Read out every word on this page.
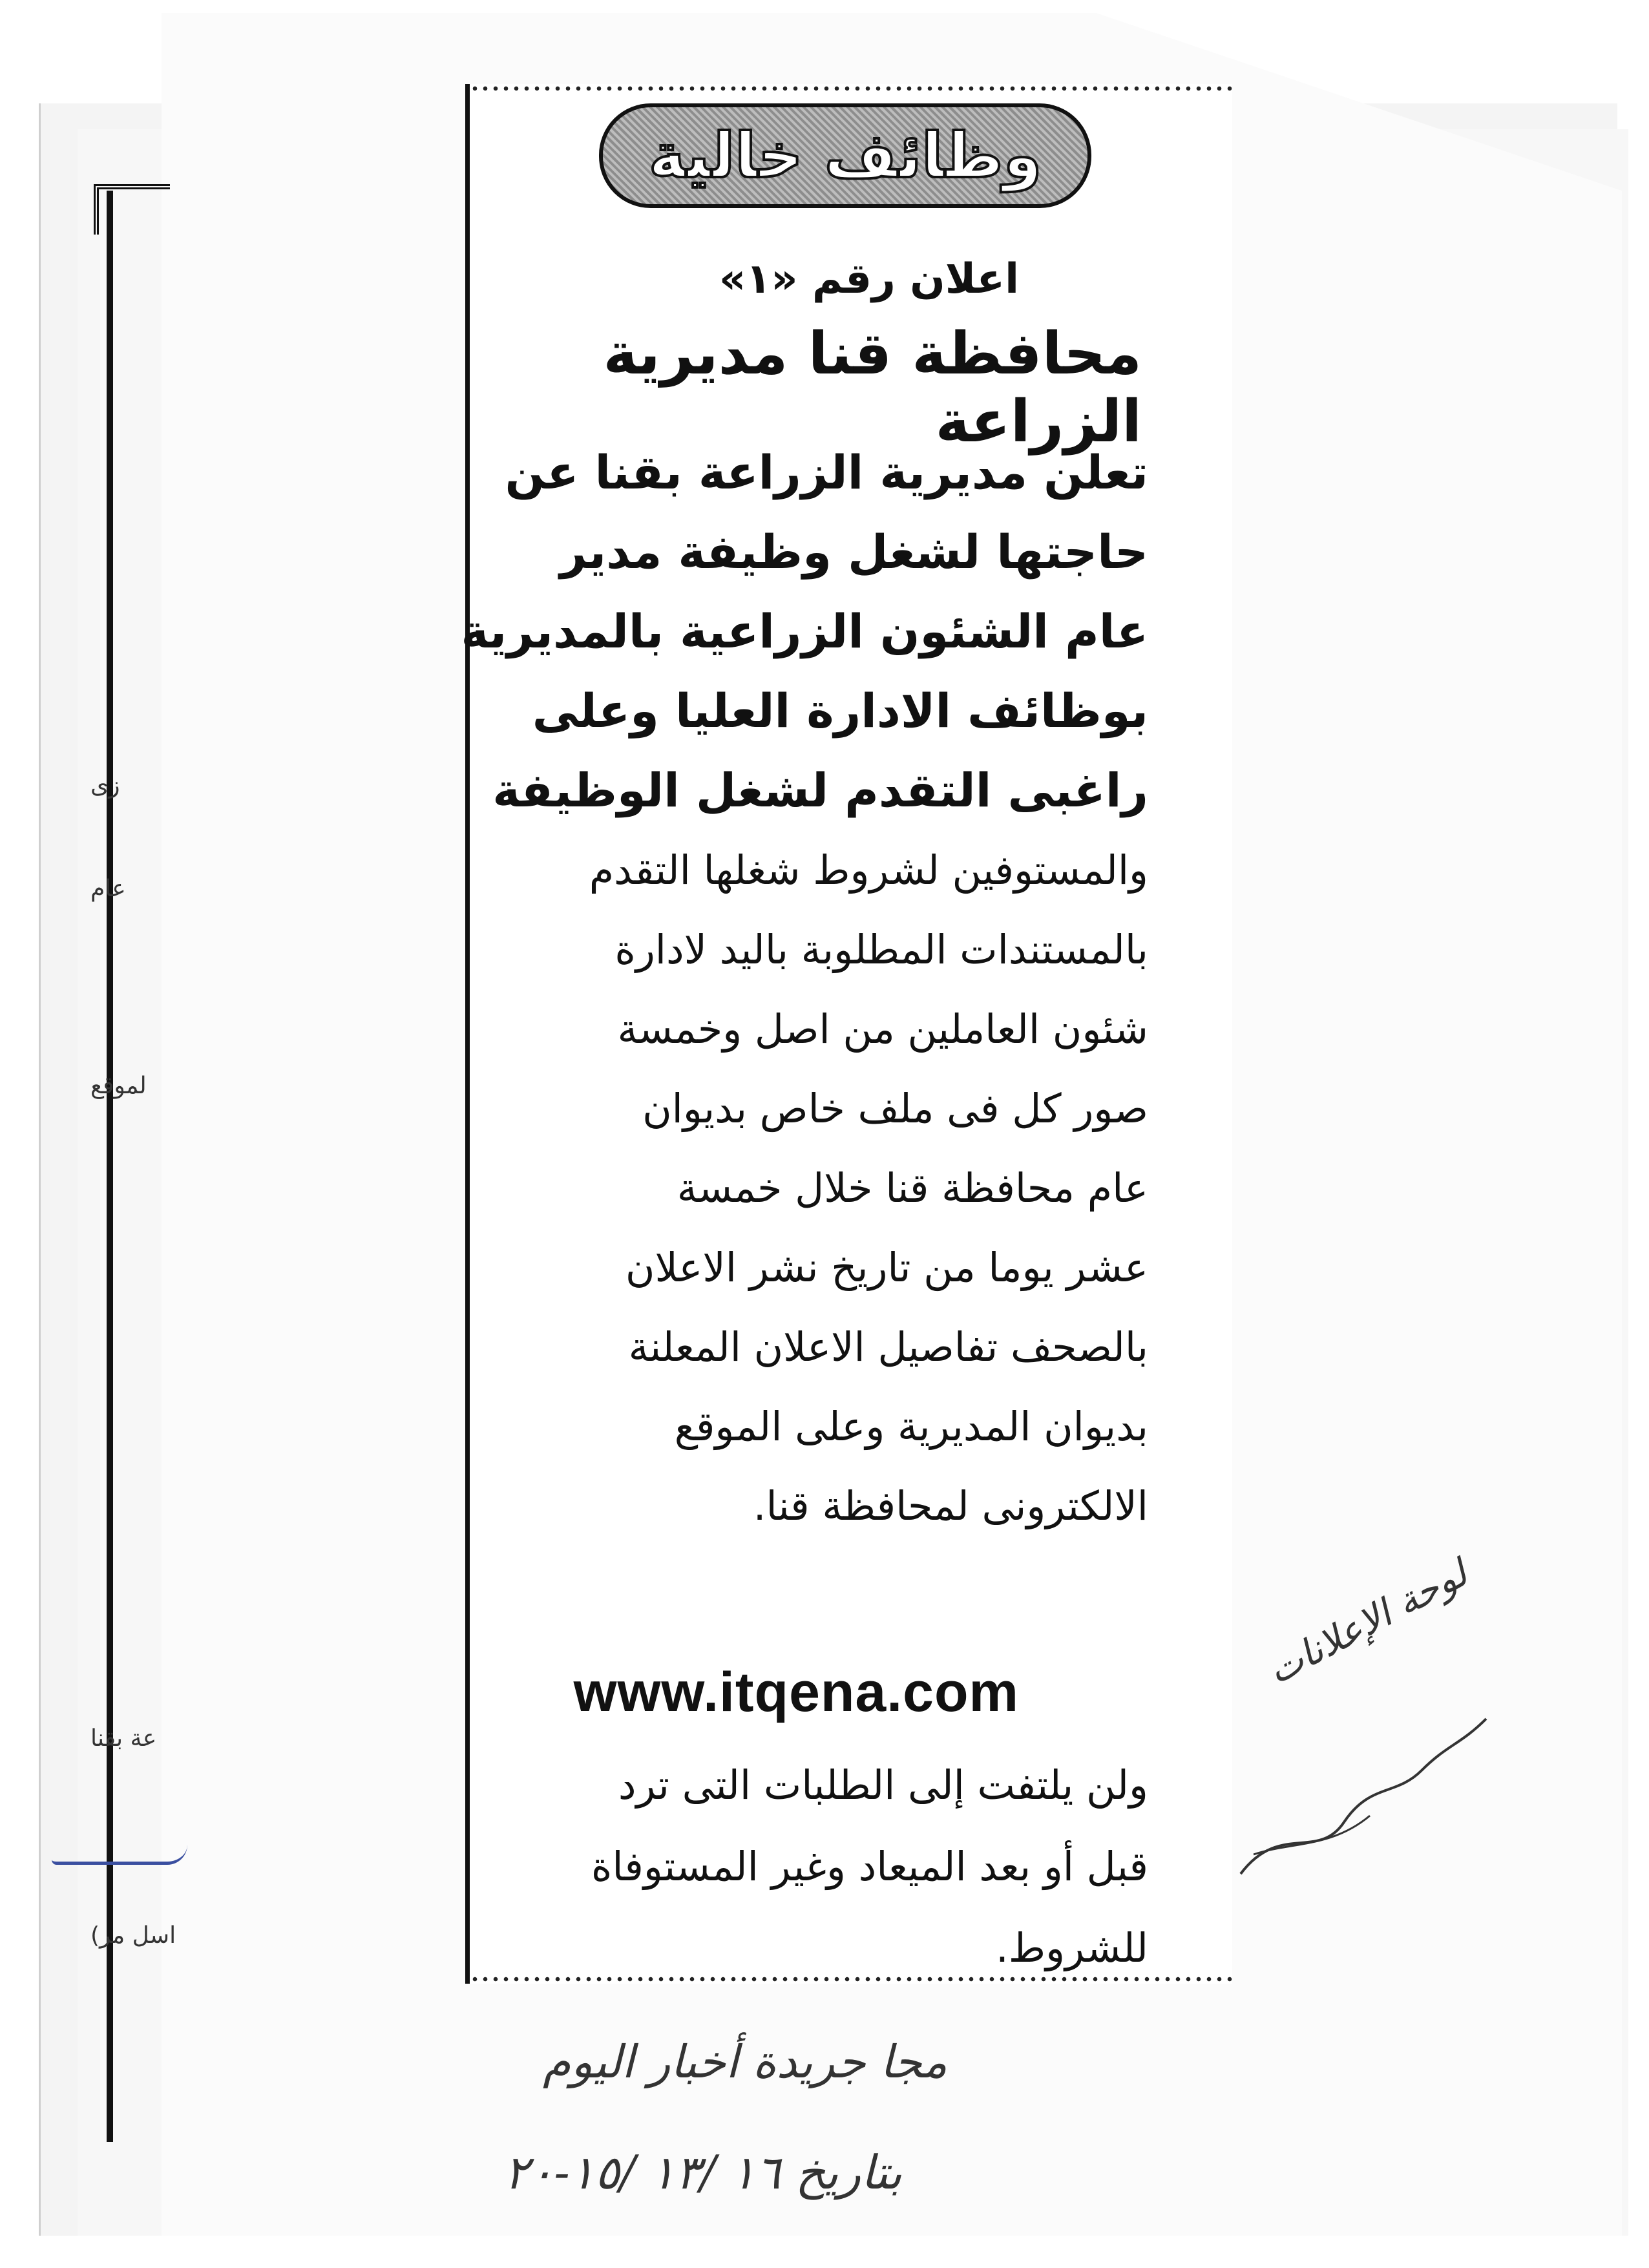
زى
عام
لموقع
عة بقنا
اسل مر)
وظائف خالية
اعلان رقم «١»
محافظة قنا مديرية الزراعة
تعلن مديرية الزراعة بقنا عن
حاجتها لشغل وظيفة مدير
عام الشئون الزراعية بالمديرية
بوظائف الادارة العليا وعلى
راغبى التقدم لشغل الوظيفة
والمستوفين لشروط شغلها التقدم
بالمستندات المطلوبة باليد لادارة
شئون العاملين من اصل وخمسة
صور كل فى ملف خاص بديوان
عام محافظة قنا خلال خمسة
عشر يوما من تاريخ نشر الاعلان
بالصحف تفاصيل الاعلان المعلنة
بديوان المديرية وعلى الموقع
الالكترونى لمحافظة قنا.
www.itqena.com
ولن يلتفت إلى الطلبات التى ترد
قبل أو بعد الميعاد وغير المستوفاة
للشروط.
لوحة الإعلانات
مجا جريدة أخبار اليوم
بتاريخ ١٦ /١٣ /١٥-٢٠
